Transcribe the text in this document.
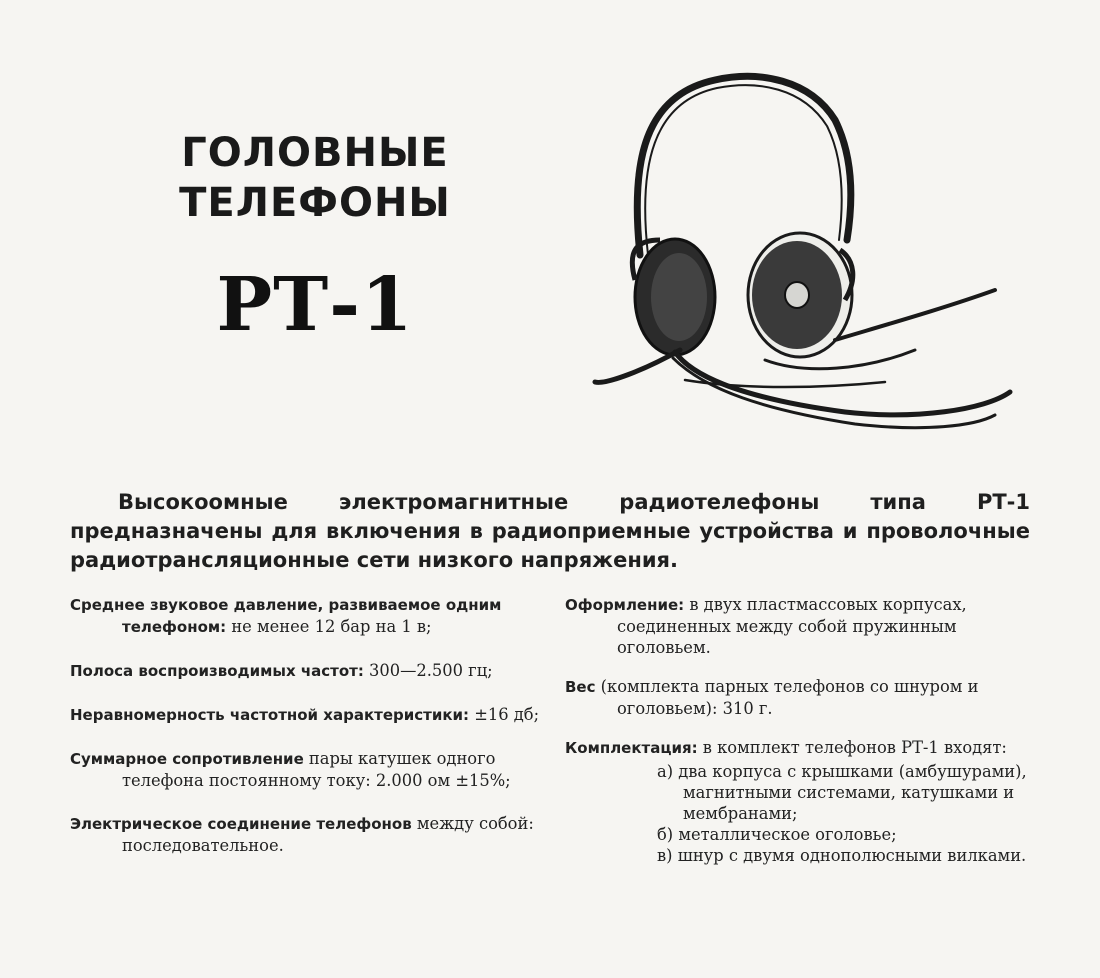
ГОЛОВНЫЕ
ТЕЛЕФОНЫ
РТ-1

Высокоомные электромагнитные радиотелефоны типа РТ-1 предназначены для включения в радиоприемные устройства и проволочные радиотрансляционные сети низкого напряжения.

Среднее звуковое давление, развиваемое одним телефоном: не менее 12 бар на 1 в;

Полоса воспроизводимых частот: 300—2.500 гц;

Неравномерность частотной характеристики: ±16 дб;

Суммарное сопротивление пары катушек одного телефона постоянному току: 2.000 ом ±15%;

Электрическое соединение телефонов между собой: последовательное.

Оформление: в двух пластмассовых корпусах, соединенных между собой пружинным оголовьем.

Вес (комплекта парных телефонов со шнуром и оголовьем): 310 г.

Комплектация: в комплект телефонов РТ-1 входят:
а) два корпуса с крышками (амбушурами), магнитными системами, катушками и мембранами;
б) металлическое оголовье;
в) шнур с двумя однополюсными вилками.
